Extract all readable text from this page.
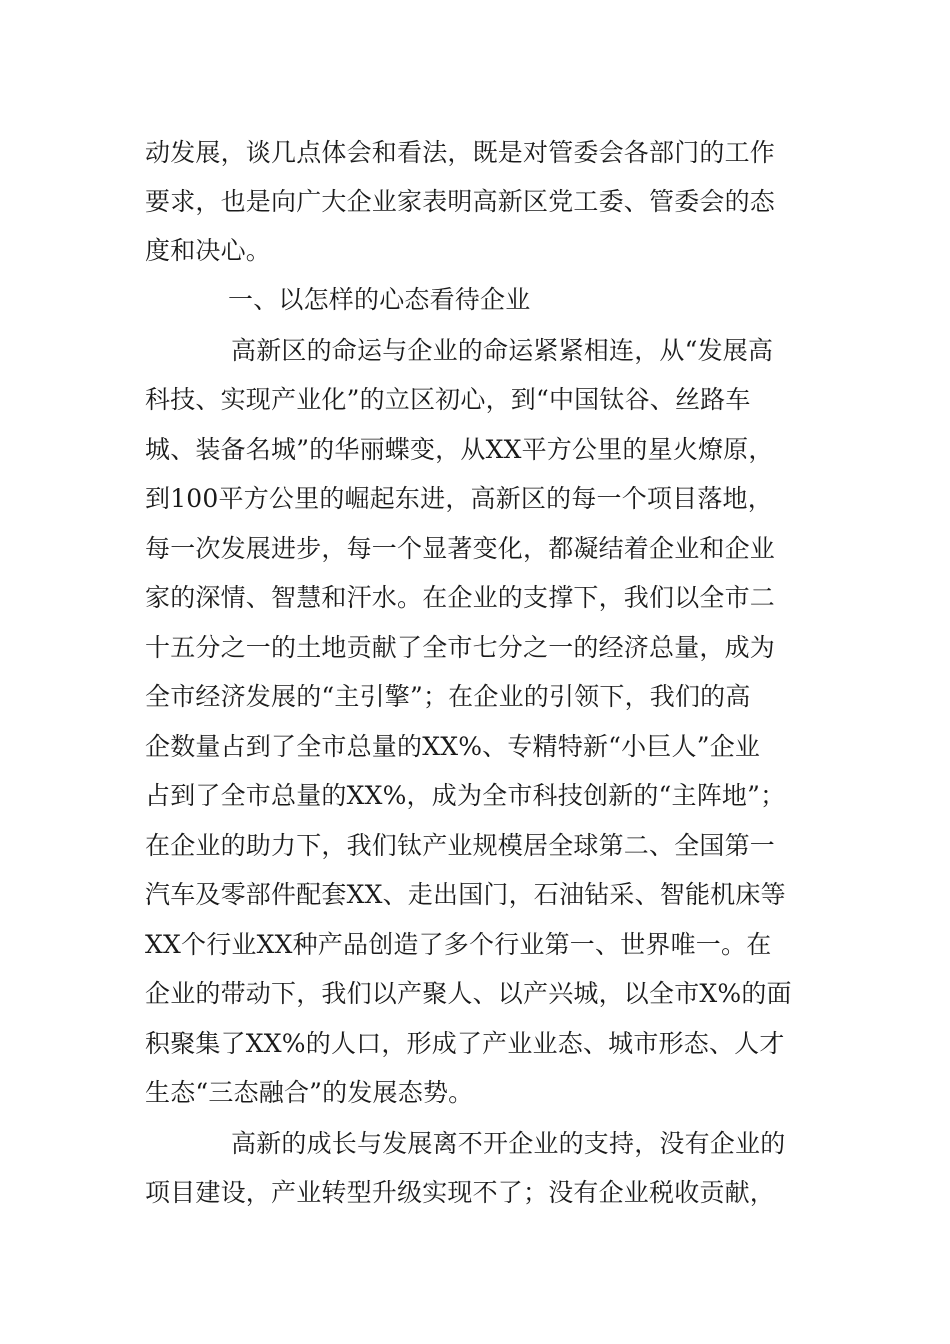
动发展，谈几点体会和看法，既是对管委会各部门的工作
要求，也是向广大企业家表明高新区党工委、管委会的态
度和决心。
一、以怎样的心态看待企业
高新区的命运与企业的命运紧紧相连，从“发展高
科技、实现产业化”的立区初心，到“中国钛谷、丝路车
城、装备名城”的华丽蝶变，从XX平方公里的星火燎原，
到100平方公里的崛起东进，高新区的每一个项目落地，
每一次发展进步，每一个显著变化，都凝结着企业和企业
家的深情、智慧和汗水。在企业的支撑下，我们以全市二
十五分之一的土地贡献了全市七分之一的经济总量，成为
全市经济发展的“主引擎”；在企业的引领下，我们的高
企数量占到了全市总量的XX%、专精特新“小巨人”企业
占到了全市总量的XX%，成为全市科技创新的“主阵地”；
在企业的助力下，我们钛产业规模居全球第二、全国第一
汽车及零部件配套XX、走出国门，石油钻采、智能机床等
XX个行业XX种产品创造了多个行业第一、世界唯一。在
企业的带动下，我们以产聚人、以产兴城，以全市X%的面
积聚集了XX%的人口，形成了产业业态、城市形态、人才
生态“三态融合”的发展态势。
高新的成长与发展离不开企业的支持，没有企业的
项目建设，产业转型升级实现不了；没有企业税收贡献，
